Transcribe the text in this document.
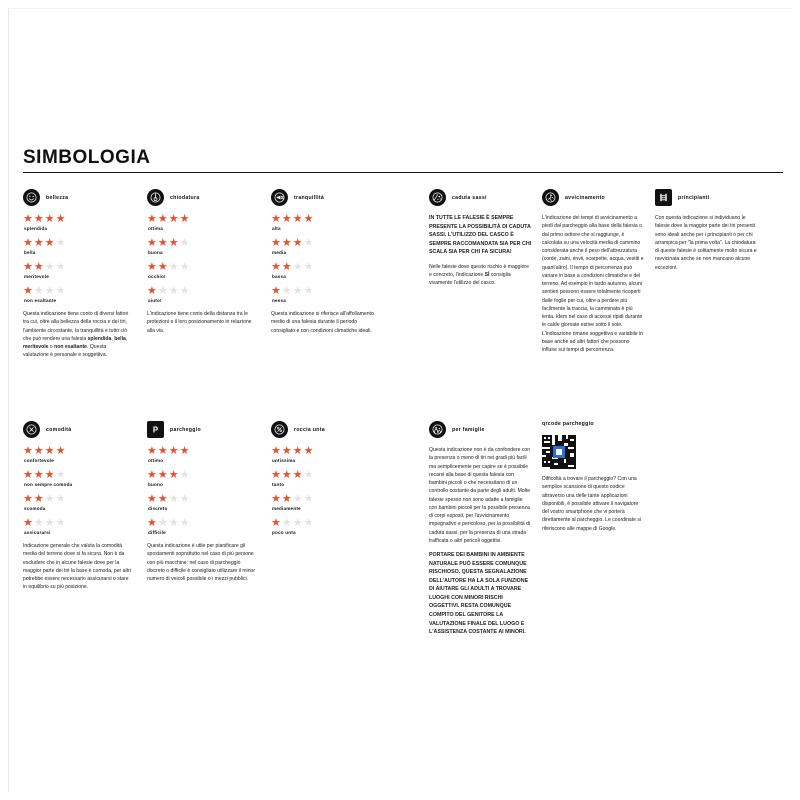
SIMBOLOGIA
bellezza
★ ★ ★ ★
splendida
★ ★ ★ ★
bella
★ ★ ★ ★
meritevole
★ ★ ★ ★
non esaltante
Questa indicazione tiene conto di diversi fattori tra cui, oltre alla bellezza della roccia e dei tiri, l'ambiente circostante, la tranquillità e tutto ciò che può rendere una falesia splendida, bella, meritevole o non esaltante. Questa valutazione è personale e soggettiva.
comodità
★ ★ ★ ★
confortevole
★ ★ ★ ★
non sempre comoda
★ ★ ★ ★
scomoda
★ ★ ★ ★
assicurarsi
Indicazione generale che valuta la comodità media del terreno dove si fa sicura. Non è da escludere che in alcune falesie dove per la maggior parte dei tiri la base è comoda, per altri potrebbe essere necessario assicurarsi o stare in equilibrio su più posizione.
chiodatura
★ ★ ★ ★
ottima
★ ★ ★ ★
buona
★ ★ ★ ★
occhio!
★ ★ ★ ★
aiuto!
L'indicazione tiene conto della distanza tra le protezioni e il loro posizionamento in relazione alla via.
P parcheggio
★ ★ ★ ★
ottimo
★ ★ ★ ★
buono
★ ★ ★ ★
discreto
★ ★ ★ ★
difficile
Questa indicazione è utile per pianificare gli spostamenti soprattutto nel caso di più persone con più macchine: nel caso di parcheggio discreto o difficile è consigliato utilizzare il minor numero di veicoli possibile o i mezzi pubblici.
tranquillità
★ ★ ★ ★
alta
★ ★ ★ ★
media
★ ★ ★ ★
bassa
★ ★ ★ ★
nessa
Questa indicazione si riferisce all'affollamento medio di una falesia durante il periodo consigliato e con condizioni climatiche ideali.
roccia unta
★ ★ ★ ★
untissima
★ ★ ★ ★
tanto
★ ★ ★ ★
mediamente
★ ★ ★ ★
poco unta
caduta sassi
IN TUTTE LE FALESIE È SEMPRE PRESENTE LA POSSIBILITÀ DI CADUTA SASSI. L'UTILIZZO DEL CASCO È SEMPRE RACCOMANDATA SIA PER CHI SCALA SIA PER CHI FA SICURA!
Nelle falesie dove questo rischio è maggiore e concreto, l'indicazione SÌ consiglia vivamente l'utilizzo del casco.
per famiglie
Questa indicazione non è da confondere con la presenza o meno di tiri nei gradi più facili ma semplicemente per capire se è possibile recarsi alla base di questa falesia con bambini piccoli o che necessitano di un controllo costante da parte degli adulti. Molte falesie spesso non sono adatte a famiglie con bambini piccoli per la possibile presenza di corpi esposti, per l'avvicinamento impegnativo e pericoloso, per la possibilità di caduta sassi, per la presenza di una strada trafficata o altri pericoli oggettivi.
PORTARE DEI BAMBINI IN AMBIENTE NATURALE PUÒ ESSERE COMUNQUE RISCHIOSO. QUESTA SEGNALAZIONE DELL'AUTORE HA LA SOLA FUNZIONE DI AIUTARE GLI ADULTI A TROVARE LUOGHI CON MINORI RISCHI OGGETTIVI. RESTA COMUNQUE COMPITO DEL GENITORE LA VALUTAZIONE FINALE DEL LUOGO E L'ASSISTENZA COSTANTE AI MINORI.
avvicinamento
L'indicazione dei tempi di avvicinamento a piedi dal parcheggio alla base della falesia o dal primo settore che si raggiunge, è calcolata su una velocità media di cammino considerata anche il peso dell'attrezzatura (corde, zaini, rinvii, scarpette, acqua, vestiti e quant'altro). Il tempo di percorrenza può variare in base a condizioni climatiche e del terreno. Ad esempio in tardo autunno, alcuni sentieri possono essere totalmente ricoperti dalle foglie per cui, oltre a perdere più facilmente la traccia, la camminata è più lenta. Idem nel caso di accessi ripidi durante le calde giornate estive sotto il sole. L'indicazione rimane soggettiva e variabile in base anche ad altri fattori che possono influire sui tempi di percorrenza.
qrcode parcheggio
Difficoltà a trovare il parcheggio? Con una semplice scansione di questo codice attraverso una delle tante applicazioni disponibili, è possibile attivare il navigatore del vostro smartphone che vi porterà direttamente al parcheggio. Le coordinate si riferiscono alle mappe di Google.
principianti
Con questa indicazione si individuano le falesie dove la maggior parte dei tiri presenti sono ideali anche per i principianti o per chi arrampica per "la prima volta". La chiodatura di queste falesie è solitamente molto sicura e ravvicinata anche se non mancano alcune eccezioni.
